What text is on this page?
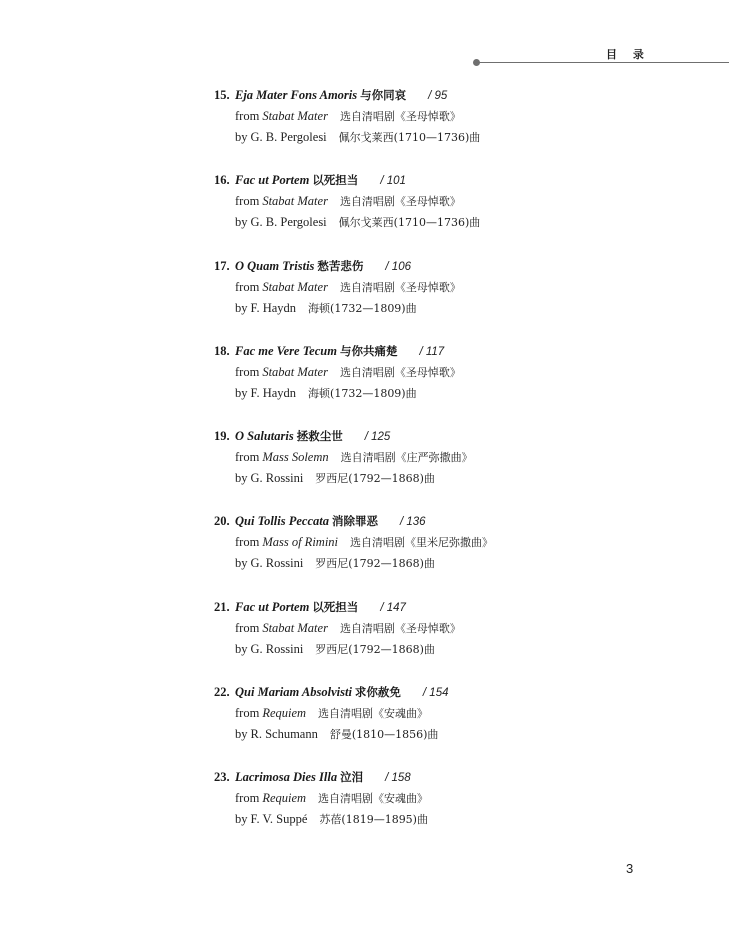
目 录
15. Eja Mater Fons Amoris 与你同哀 / 95
from Stabat Mater 选自清唱剧《圣母悼歌》
by G. B. Pergolesi 佩尔戈莱西(1710—1736)曲
16. Fac ut Portem 以死担当 / 101
from Stabat Mater 选自清唱剧《圣母悼歌》
by G. B. Pergolesi 佩尔戈莱西(1710—1736)曲
17. O Quam Tristis 愁苦悲伤 / 106
from Stabat Mater 选自清唱剧《圣母悼歌》
by F. Haydn 海顿(1732—1809)曲
18. Fac me Vere Tecum 与你共痛楚 / 117
from Stabat Mater 选自清唱剧《圣母悼歌》
by F. Haydn 海顿(1732—1809)曲
19. O Salutaris 拯救尘世 / 125
from Mass Solemn 选自清唱剧《庄严弥撒曲》
by G. Rossini 罗西尼(1792—1868)曲
20. Qui Tollis Peccata 消除罪恶 / 136
from Mass of Rimini 选自清唱剧《里米尼弥撒曲》
by G. Rossini 罗西尼(1792—1868)曲
21. Fac ut Portem 以死担当 / 147
from Stabat Mater 选自清唱剧《圣母悼歌》
by G. Rossini 罗西尼(1792—1868)曲
22. Qui Mariam Absolvisti 求你赦免 / 154
from Requiem 选自清唱剧《安魂曲》
by R. Schumann 舒曼(1810—1856)曲
23. Lacrimosa Dies Illa 泣泪 / 158
from Requiem 选自清唱剧《安魂曲》
by F. V. Suppé 苏蓓(1819—1895)曲
3
